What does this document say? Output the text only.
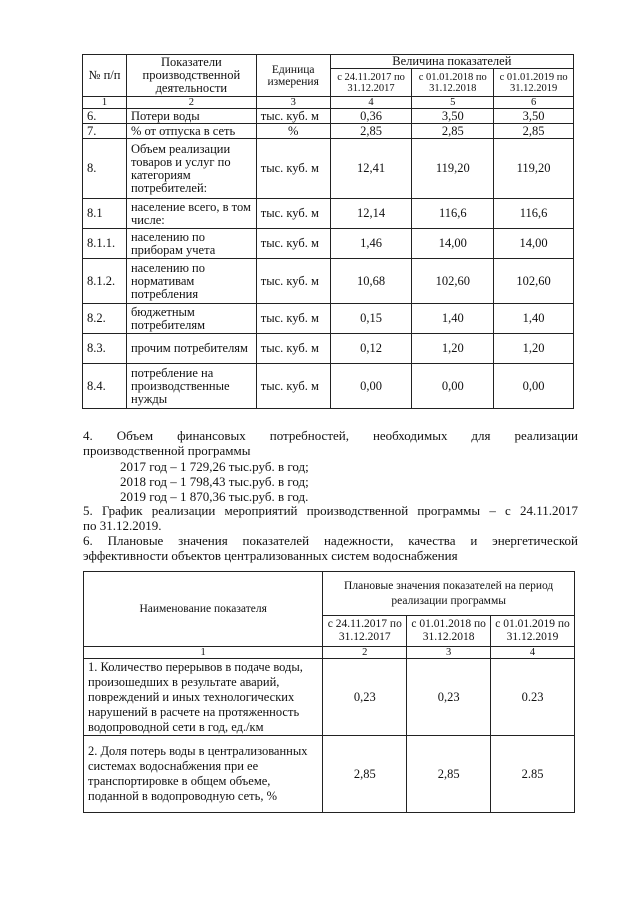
№ п/п	Показатели производственной деятельности	Единица измерения	Величина показателей		
			с 24.11.2017 по 31.12.2017	с 01.01.2018 по 31.12.2018	с 01.01.2019 по 31.12.2019

1	2	3	4	5	6
6.	Потери воды	тыс. куб. м	0,36	3,50	3,50
7.	% от отпуска в сеть	%	2,85	2,85	2,85
8.	Объем реализации товаров и услуг по категориям потребителей:	тыс. куб. м	12,41	119,20	119,20
8.1	население всего, в том числе:	тыс. куб. м	12,14	116,6	116,6
8.1.1.	населению по приборам учета	тыс. куб. м	1,46	14,00	14,00
8.1.2.	населению по нормативам потребления	тыс. куб. м	10,68	102,60	102,60
8.2.	бюджетным потребителям	тыс. куб. м	0,15	1,40	1,40
8.3.	прочим потребителям	тыс. куб. м	0,12	1,20	1,20
8.4.	потребление на производственные нужды	тыс. куб. м	0,00	0,00	0,00
4. Объем финансовых потребностей, необходимых для реализации
производственной программы
2017 год – 1 729,26 тыс.руб. в год;
2018 год – 1 798,43 тыс.руб. в год;
2019 год – 1 870,36 тыс.руб. в год.
5. График реализации мероприятий производственной программы – с 24.11.2017
по 31.12.2019.
6. Плановые значения показателей надежности, качества и энергетической
эффективности объектов централизованных систем водоснабжения
Наименование показателя	Плановые значения показателей на период реализации программы		
	с 24.11.2017 по 31.12.2017	с 01.01.2018 по 31.12.2018	с 01.01.2019 по 31.12.2019
1	2	3	4
1. Количество перерывов в подаче воды, произошедших в результате аварий, повреждений и иных технологических нарушений в расчете на протяженность водопроводной сети в год, ед./км	0,23	0,23	0.23
2. Доля потерь воды в централизованных системах водоснабжения при ее транспортировке в общем объеме, поданной в водопроводную сеть, %	2,85	2,85	2.85
